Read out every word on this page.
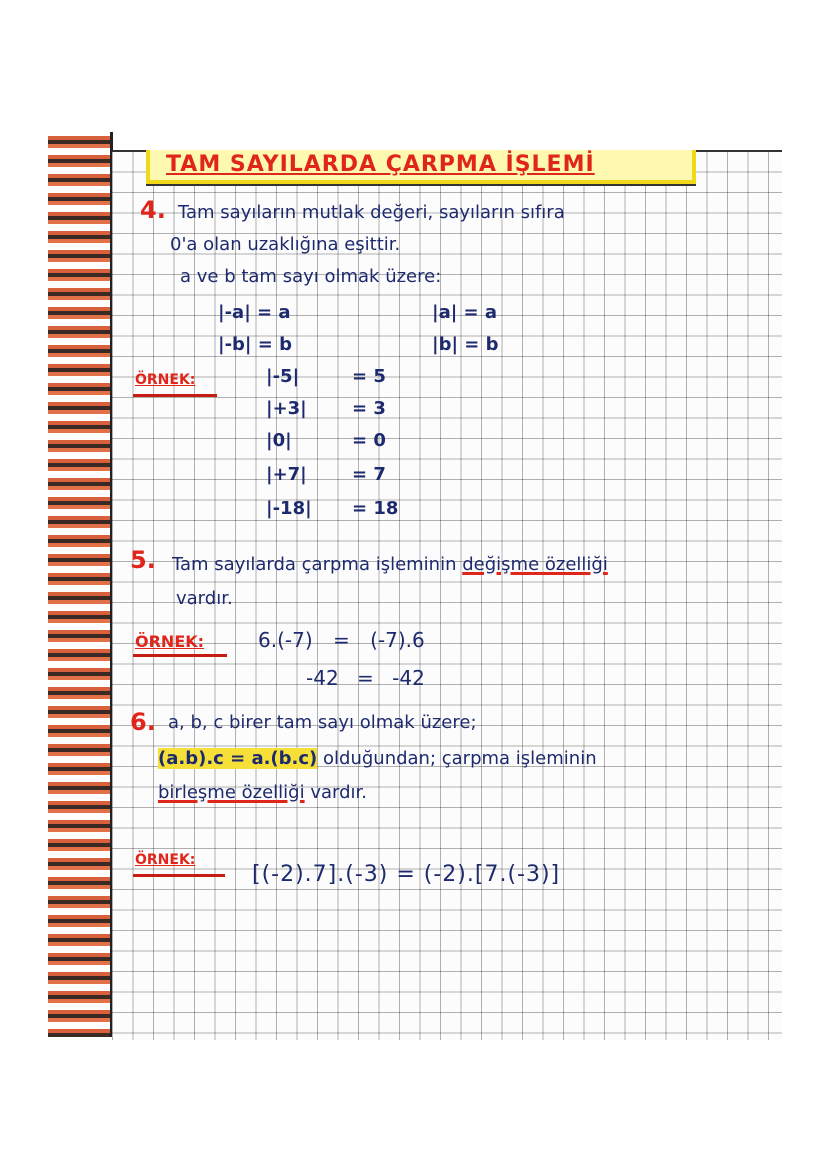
TAM SAYILARDA ÇARPMA İŞLEMİ
4. Tam sayıların mutlak değeri, sayıların sıfıra
0'a olan uzaklığına eşittir.
a ve b tam sayı olmak üzere:
|-a| = a	|a| = a
|-b| = b	|b| = b
ÖRNEK:	|-5|	= 5
|+3|	= 3
|0|	= 0
|+7|	= 7
|-18| = 18
5. Tam sayılarda çarpma işleminin değişme özelliği
vardır.
ÖRNEK:	6.(-7) = (-7).6
-42 = -42
6. a, b, c birer tam sayı olmak üzere;
(a.b).c = a.(b.c) olduğundan; çarpma işleminin
birleşme özelliği vardır.
ÖRNEK:
[(-2).7].(-3) = (-2).[7.(-3)]
